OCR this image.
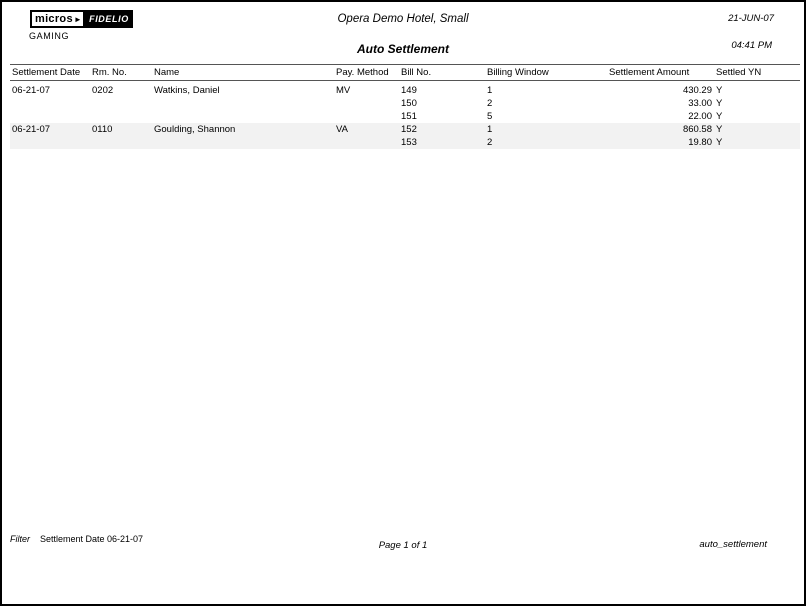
micros ► FIDELIO
GAMING
Opera Demo Hotel, Small
Auto Settlement
21-JUN-07
04:41 PM
Settlement Date	Rm. No.	Name	Pay. Method	Bill No.	Billing Window	Settlement Amount	Settled YN
06-21-07	0202	Watkins, Daniel	MV	149	1	430.29	Y
				150	2	33.00	Y
				151	5	22.00	Y
06-21-07	0110	Goulding, Shannon	VA	152	1	860.58	Y
				153	2	19.80	Y
Filter Settlement Date 06-21-07
Page 1 of 1	auto_settlement
